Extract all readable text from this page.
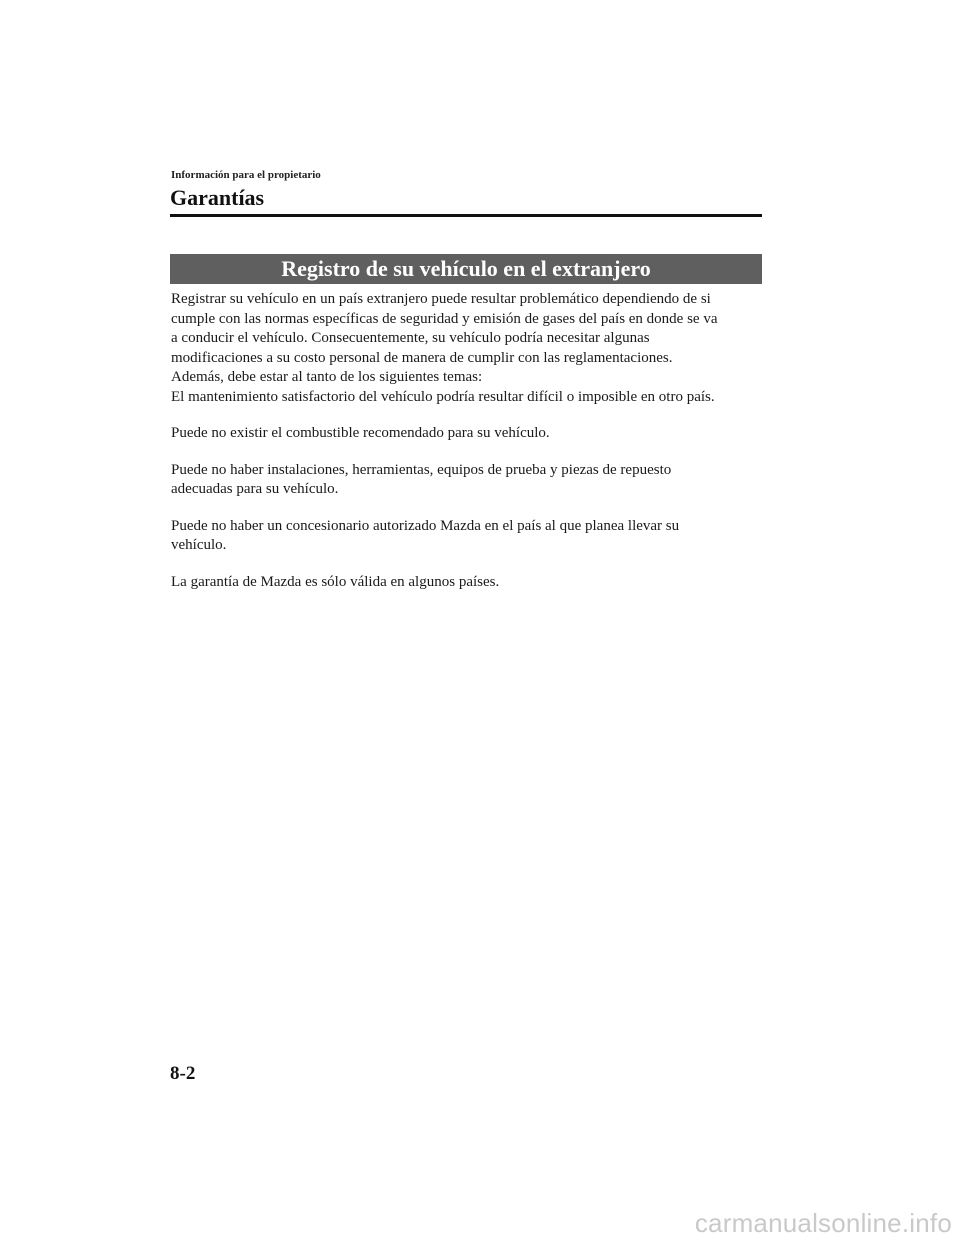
Información para el propietario
Garantías
Registro de su vehículo en el extranjero

Registrar su vehículo en un país extranjero puede resultar problemático dependiendo de si
cumple con las normas específicas de seguridad y emisión de gases del país en donde se va
a conducir el vehículo. Consecuentemente, su vehículo podría necesitar algunas
modificaciones a su costo personal de manera de cumplir con las reglamentaciones.
Además, debe estar al tanto de los siguientes temas:
El mantenimiento satisfactorio del vehículo podría resultar difícil o imposible en otro país.

Puede no existir el combustible recomendado para su vehículo.

Puede no haber instalaciones, herramientas, equipos de prueba y piezas de repuesto
adecuadas para su vehículo.

Puede no haber un concesionario autorizado Mazda en el país al que planea llevar su
vehículo.

La garantía de Mazda es sólo válida en algunos países.

8-2
carmanualsonline.info
